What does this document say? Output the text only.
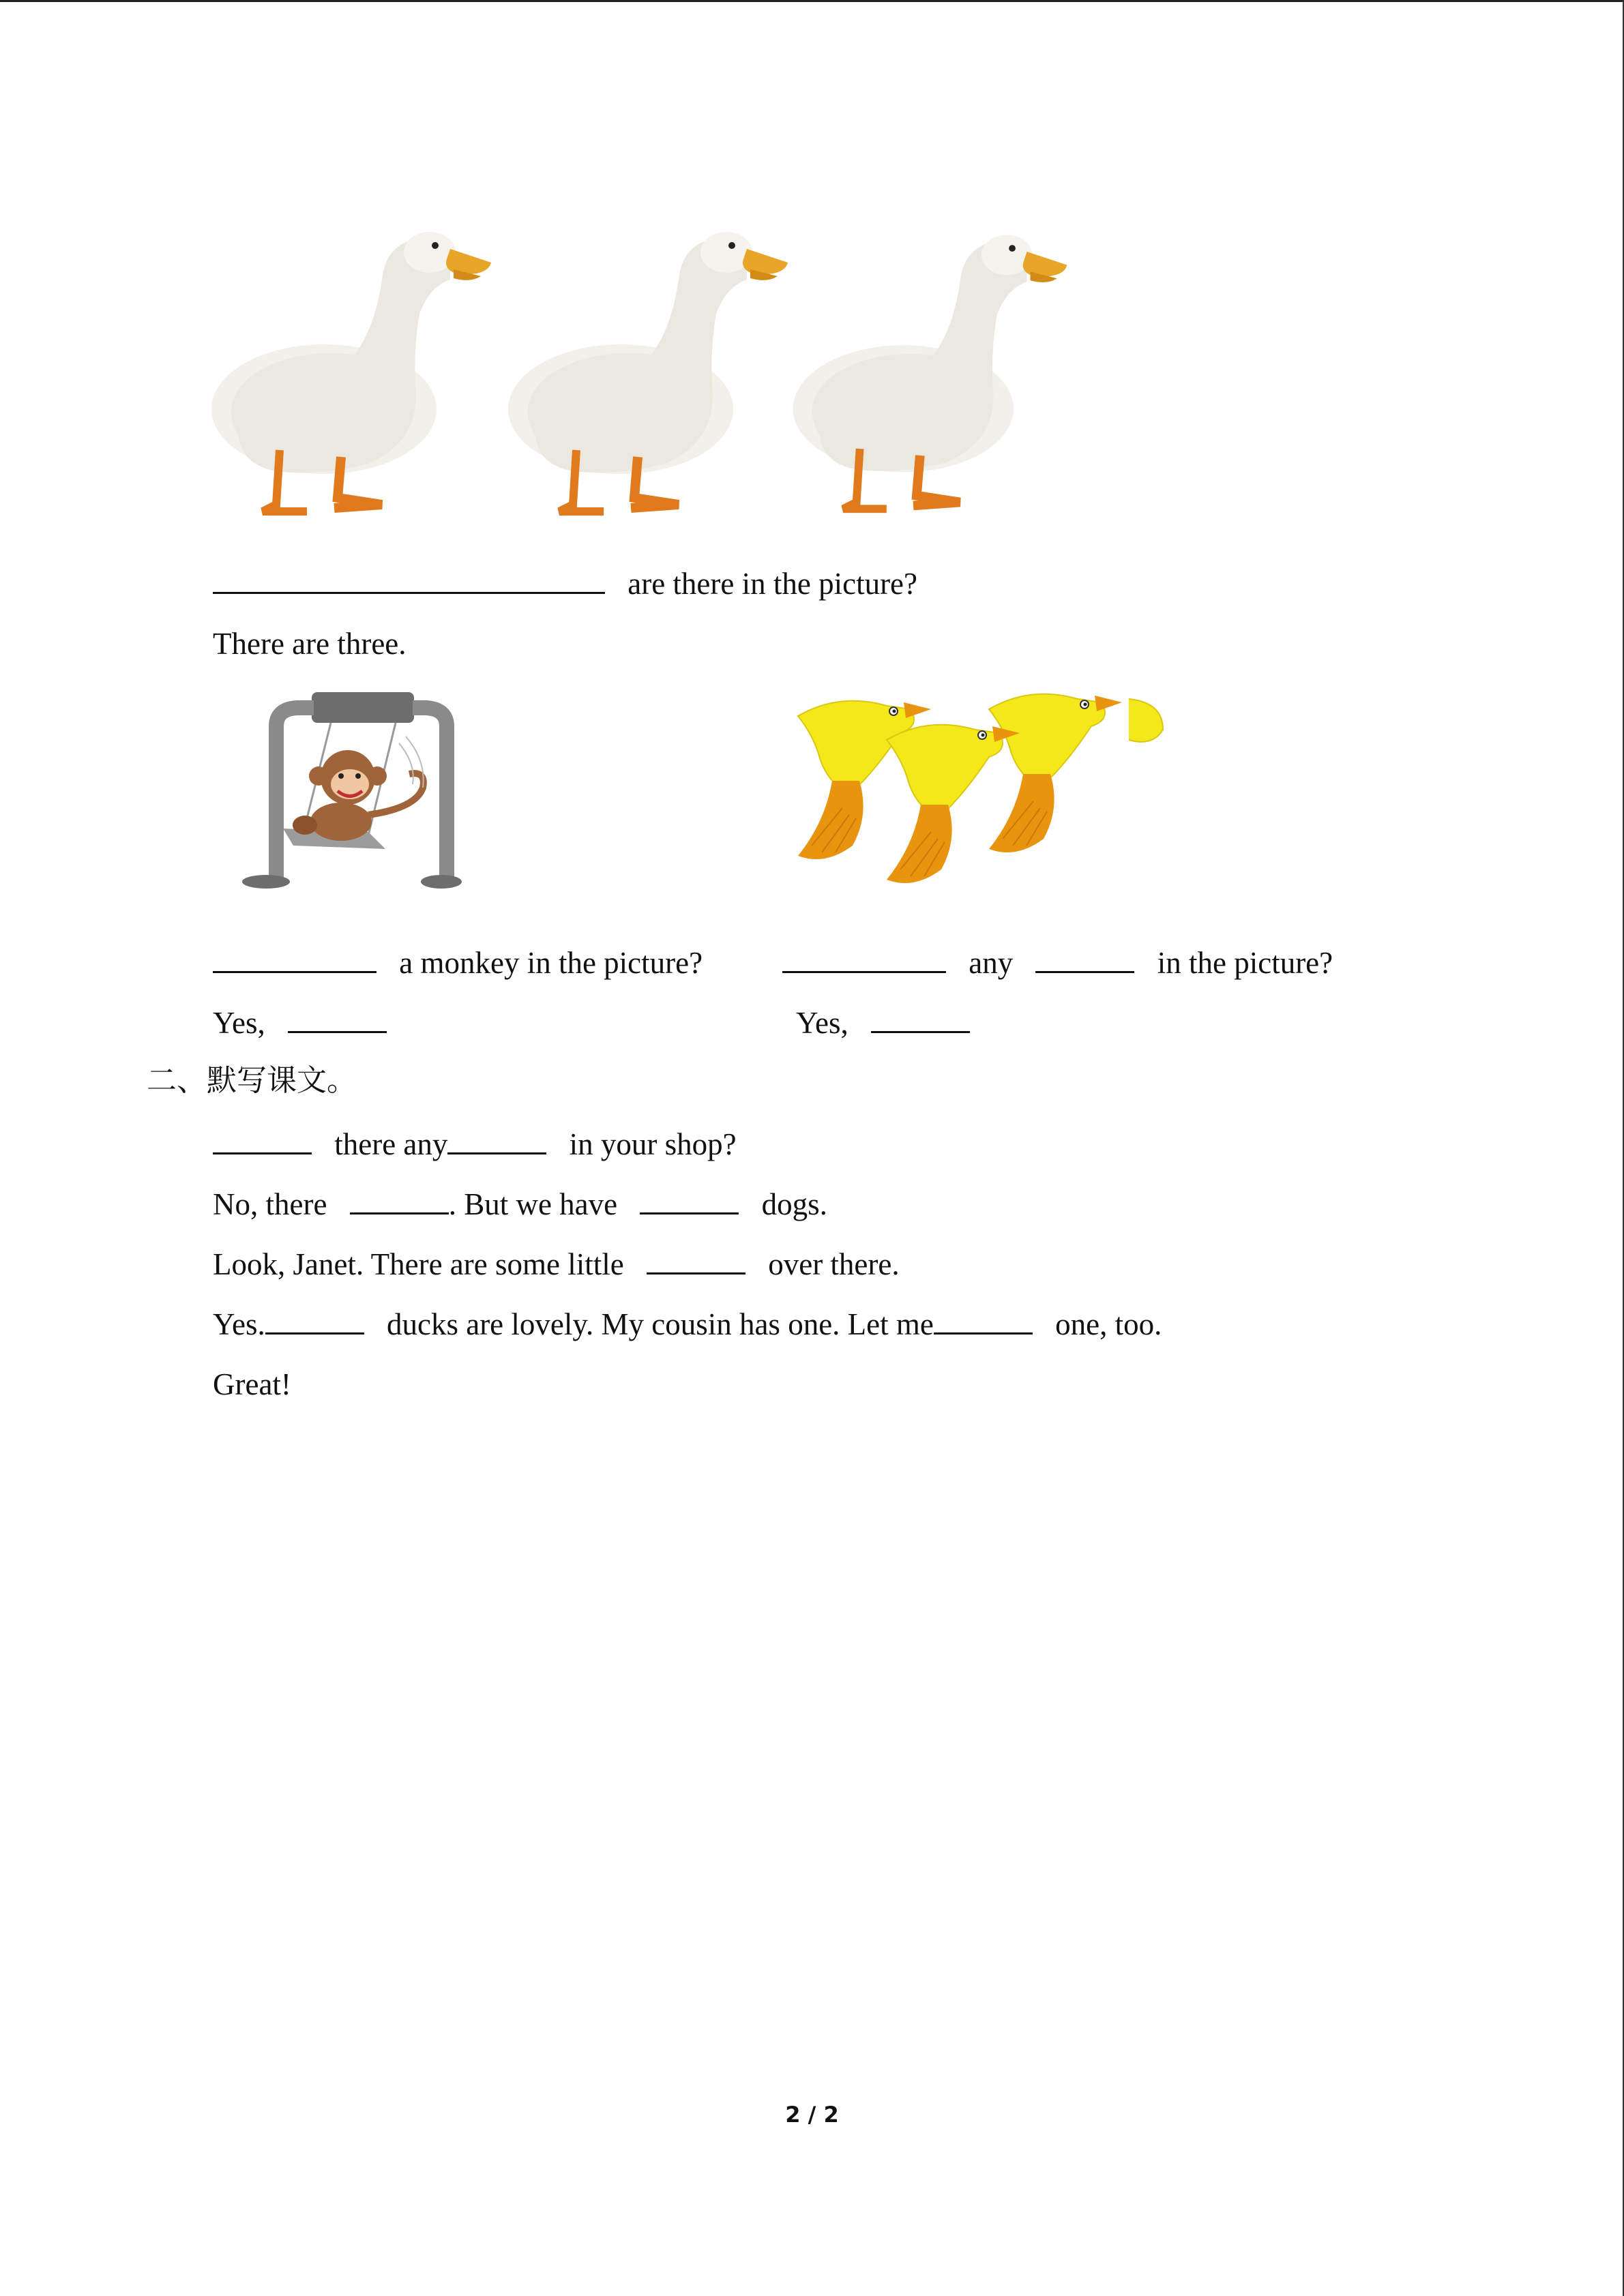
are there in the picture?
There are three.
a monkey in the picture?	any	in the picture?
Yes,	Yes,
二、默写课文。
there any	in your shop?
No, there	. But we have	dogs.
Look, Janet. There are some little	over there.
Yes.	ducks are lovely. My cousin has one. Let me	one, too.
Great!
2 / 2
